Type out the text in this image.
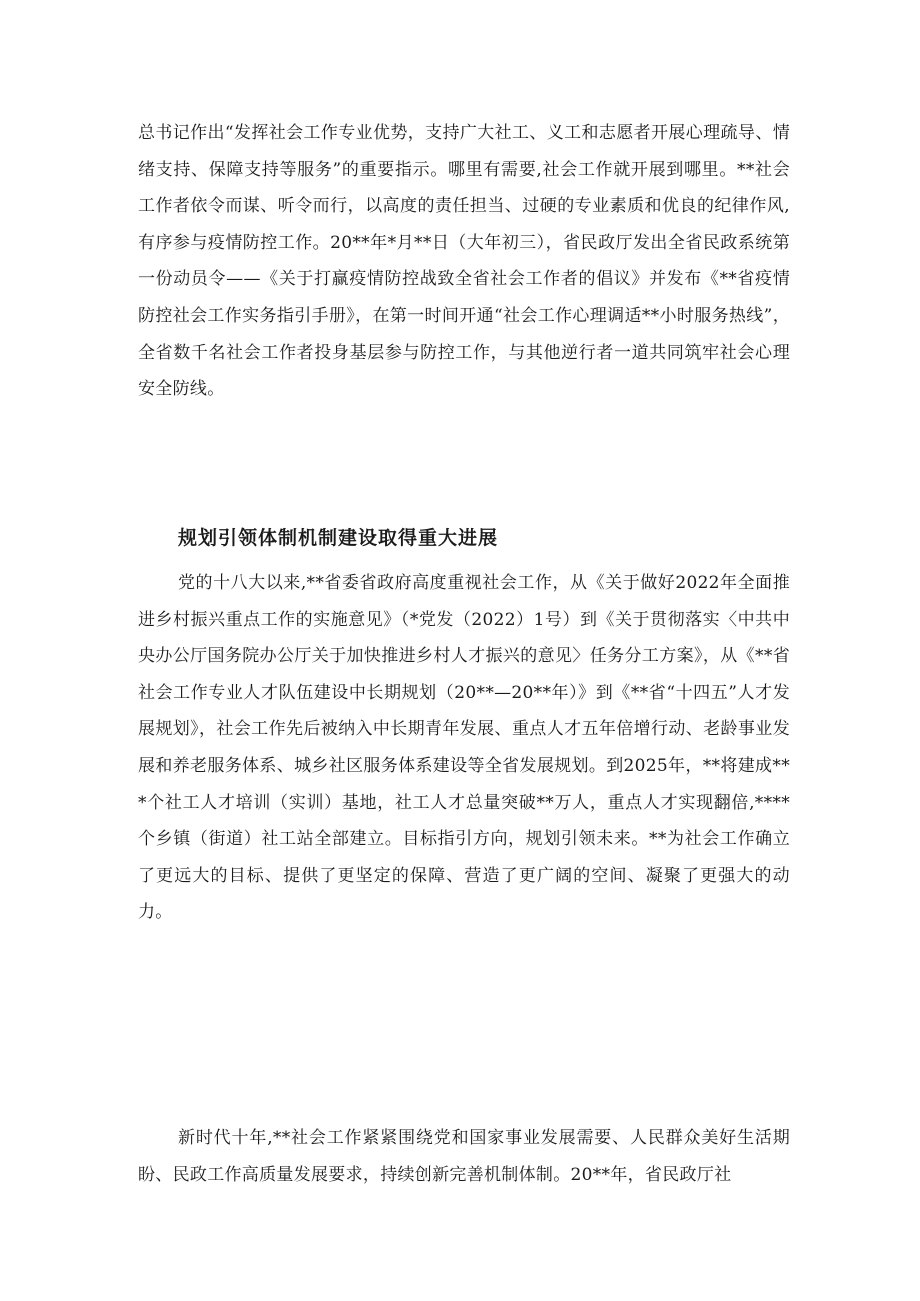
总书记作出“发挥社会工作专业优势，支持广大社工、义工和志愿者开展心理疏导、情绪支持、保障支持等服务”的重要指示。哪里有需要,社会工作就开展到哪里。**社会工作者依令而谋、听令而行，以高度的责任担当、过硬的专业素质和优良的纪律作风,有序参与疫情防控工作。20**年*月**日（大年初三），省民政厅发出全省民政系统第一份动员令——《关于打赢疫情防控战致全省社会工作者的倡议》并发布《**省疫情防控社会工作实务指引手册》，在第一时间开通“社会工作心理调适**小时服务热线”，全省数千名社会工作者投身基层参与防控工作，与其他逆行者一道共同筑牢社会心理安全防线。

规划引领体制机制建设取得重大进展

党的十八大以来,**省委省政府高度重视社会工作，从《关于做好2022年全面推进乡村振兴重点工作的实施意见》（*党发（2022）1号）到《关于贯彻落实〈中共中央办公厅国务院办公厅关于加快推进乡村人才振兴的意见〉任务分工方案》，从《**省社会工作专业人才队伍建设中长期规划（20**—20**年）》到《**省“十四五”人才发展规划》，社会工作先后被纳入中长期青年发展、重点人才五年倍增行动、老龄事业发展和养老服务体系、城乡社区服务体系建设等全省发展规划。到2025年，**将建成***个社工人才培训（实训）基地，社工人才总量突破**万人，重点人才实现翻倍,****个乡镇（街道）社工站全部建立。目标指引方向，规划引领未来。**为社会工作确立了更远大的目标、提供了更坚定的保障、营造了更广阔的空间、凝聚了更强大的动力。

新时代十年,**社会工作紧紧围绕党和国家事业发展需要、人民群众美好生活期盼、民政工作高质量发展要求，持续创新完善机制体制。20**年，省民政厅社
